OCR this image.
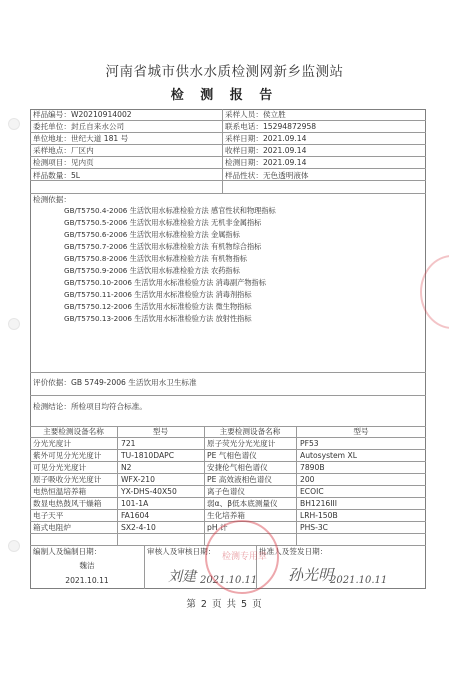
河南省城市供水水质检测网新乡监测站
检 测 报 告
样品编号：W20210914002	采样人员：侯立胜
委托单位：封丘自来水公司	联系电话：15294872958
单位地址：世纪大道 181 号	采样日期：2021.09.14
采样地点：厂区内	收样日期：2021.09.14
检测项目：见内页	检测日期：2021.09.14
样品数量：5L	样品性状：无色透明液体
检测依据：
GB/T5750.4-2006 生活饮用水标准检验方法 感官性状和物理指标
GB/T5750.5-2006 生活饮用水标准检验方法 无机非金属指标
GB/T5750.6-2006 生活饮用水标准检验方法 金属指标
GB/T5750.7-2006 生活饮用水标准检验方法 有机物综合指标
GB/T5750.8-2006 生活饮用水标准检验方法 有机物指标
GB/T5750.9-2006 生活饮用水标准检验方法 农药指标
GB/T5750.10-2006 生活饮用水标准检验方法 消毒副产物指标
GB/T5750.11-2006 生活饮用水标准检验方法 消毒剂指标
GB/T5750.12-2006 生活饮用水标准检验方法 微生物指标
GB/T5750.13-2006 生活饮用水标准检验方法 放射性指标
评价依据：GB 5749-2006 生活饮用水卫生标准
检测结论：所检项目均符合标准。
主要检测设备名称	型号	主要检测设备名称	型号
分光光度计	721	原子荧光分光光度计	PF53
紫外可见分光光度计	TU-1810DAPC	PE 气相色谱仪	Autosystem XL
可见分光光度计	N2	安捷伦气相色谱仪	7890B
原子吸收分光光度计	WFX-210	PE 高效液相色谱仪	200
电热恒温培养箱	YX-DHS-40X50	离子色谱仪	ECOIC
数显电热鼓风干燥箱	101-1A	弱α、β低本底测量仪	BH1216III
电子天平	FA1604	生化培养箱	LRH-150B
箱式电阻炉	SX2-4-10	pH 计	PHS-3C
编制人及编制日期：
魏洁
2021.10.11
审核人及审核日期：
刘建 2021.10.11
批准人及签发日期：
孙光明
2021.10.11
检测专用章
第 2 页 共 5 页
